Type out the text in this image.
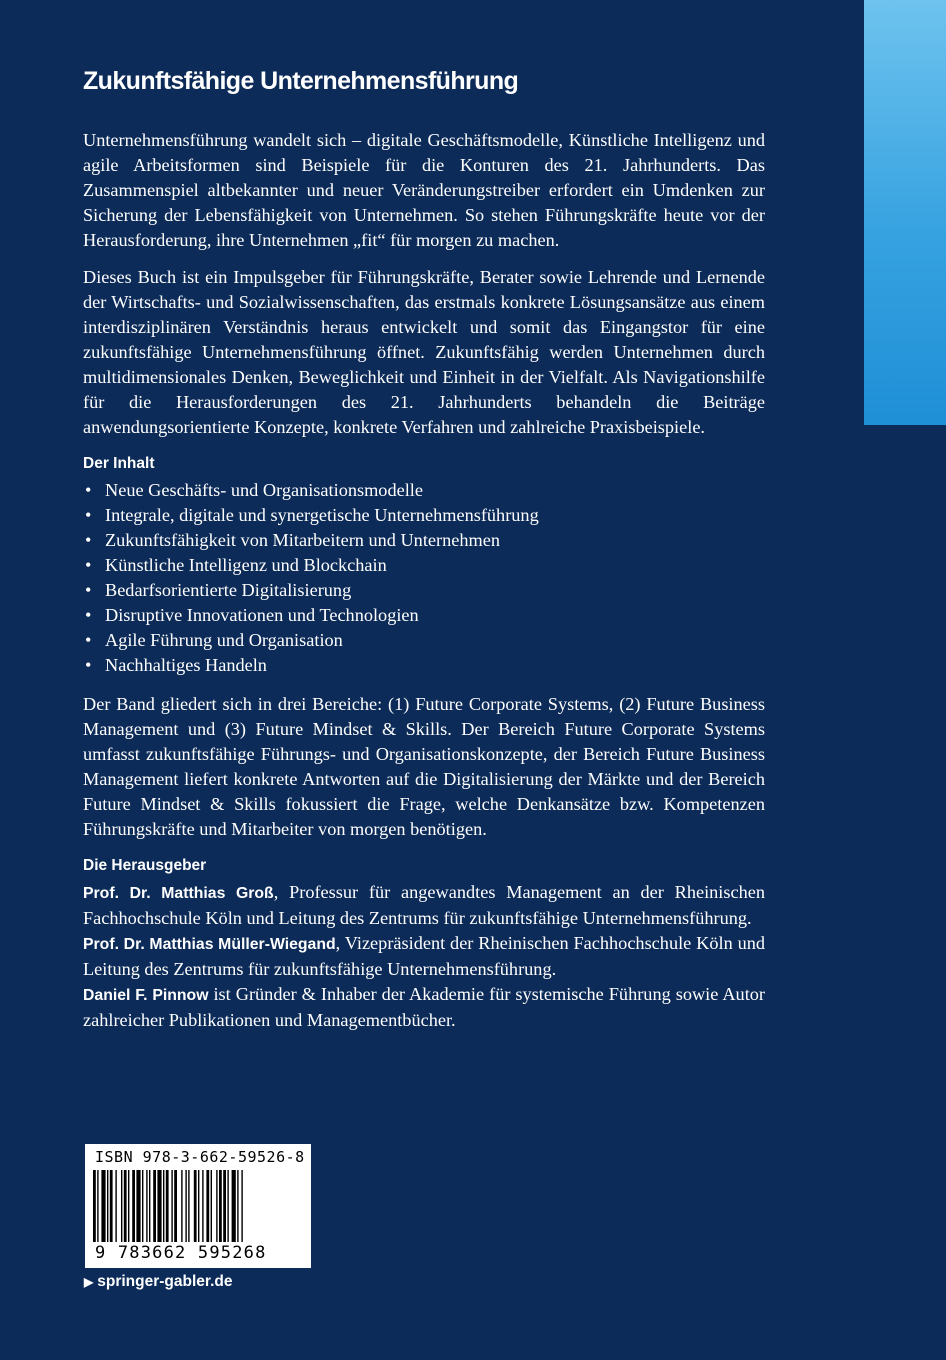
Zukunftsfähige Unternehmensführung

Unternehmensführung wandelt sich – digitale Geschäftsmodelle, Künstliche Intelligenz und agile Arbeitsformen sind Beispiele für die Konturen des 21. Jahrhunderts. Das Zusammenspiel altbekannter und neuer Veränderungstreiber erfordert ein Umdenken zur Sicherung der Lebensfähigkeit von Unternehmen. So stehen Führungskräfte heute vor der Herausforderung, ihre Unternehmen „fit“ für morgen zu machen.

Dieses Buch ist ein Impulsgeber für Führungskräfte, Berater sowie Lehrende und Lernende der Wirtschafts- und Sozialwissenschaften, das erstmals konkrete Lösungsansätze aus einem interdisziplinären Verständnis heraus entwickelt und somit das Eingangstor für eine zukunftsfähige Unternehmensführung öffnet. Zukunftsfähig werden Unternehmen durch multidimensionales Denken, Beweglichkeit und Einheit in der Vielfalt. Als Navigationshilfe für die Herausforderungen des 21. Jahrhunderts behandeln die Beiträge anwendungsorientierte Konzepte, konkrete Verfahren und zahlreiche Praxisbeispiele.

Der Inhalt
• Neue Geschäfts- und Organisationsmodelle
• Integrale, digitale und synergetische Unternehmensführung
• Zukunftsfähigkeit von Mitarbeitern und Unternehmen
• Künstliche Intelligenz und Blockchain
• Bedarfsorientierte Digitalisierung
• Disruptive Innovationen und Technologien
• Agile Führung und Organisation
• Nachhaltiges Handeln

Der Band gliedert sich in drei Bereiche: (1) Future Corporate Systems, (2) Future Business Management und (3) Future Mindset & Skills. Der Bereich Future Corporate Systems umfasst zukunftsfähige Führungs- und Organisationskonzepte, der Bereich Future Business Management liefert konkrete Antworten auf die Digitalisierung der Märkte und der Bereich Future Mindset & Skills fokussiert die Frage, welche Denkansätze bzw. Kompetenzen Führungskräfte und Mitarbeiter von morgen benötigen.

Die Herausgeber

Prof. Dr. Matthias Groß, Professur für angewandtes Management an der Rheinischen Fachhochschule Köln und Leitung des Zentrums für zukunftsfähige Unternehmensführung.

Prof. Dr. Matthias Müller-Wiegand, Vizepräsident der Rheinischen Fachhochschule Köln und Leitung des Zentrums für zukunftsfähige Unternehmensführung.

Daniel F. Pinnow ist Gründer & Inhaber der Akademie für systemische Führung sowie Autor zahlreicher Publikationen und Managementbücher.

ISBN 978-3-662-59526-8
9 783662 595268
▶ springer-gabler.de
